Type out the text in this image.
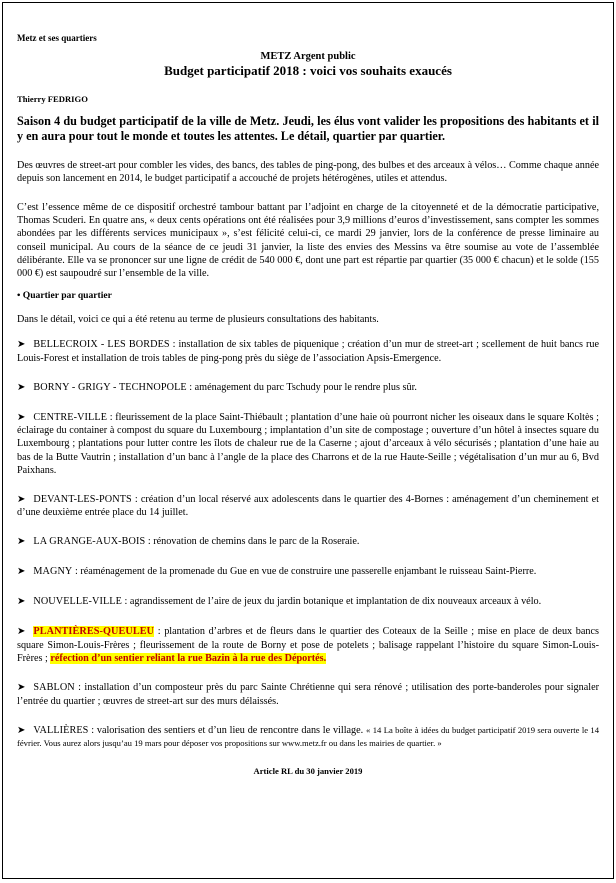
Metz et ses quartiers

METZ Argent public

Budget participatif 2018 : voici vos souhaits exaucés

Thierry FEDRIGO

Saison 4 du budget participatif de la ville de Metz. Jeudi, les élus vont valider les propositions des habitants et il y en aura pour tout le monde et toutes les attentes. Le détail, quartier par quartier.

Des œuvres de street-art pour combler les vides, des bancs, des tables de ping-pong, des bulbes et des arceaux à vélos… Comme chaque année depuis son lancement en 2014, le budget participatif a accouché de projets hétérogènes, utiles et attendus.

C’est l’essence même de ce dispositif orchestré tambour battant par l’adjoint en charge de la citoyenneté et de la démocratie participative, Thomas Scuderi. En quatre ans, « deux cents opérations ont été réalisées pour 3,9 millions d’euros d’investissement, sans compter les sommes abondées par les différents services municipaux », s’est félicité celui-ci, ce mardi 29 janvier, lors de la conférence de presse liminaire au conseil municipal. Au cours de la séance de ce jeudi 31 janvier, la liste des envies des Messins va être soumise au vote de l’assemblée délibérante. Elle va se prononcer sur une ligne de crédit de 540 000 €, dont une part est répartie par quartier (35 000 € chacun) et le solde (155 000 €) est saupoudré sur l’ensemble de la ville.

• Quartier par quartier

Dans le détail, voici ce qui a été retenu au terme de plusieurs consultations des habitants.

➤ BELLECROIX - LES BORDES : installation de six tables de piquenique ; création d’un mur de street-art ; scellement de huit bancs rue Louis-Forest et installation de trois tables de ping-pong près du siège de l’association Apsis-Emergence.

➤ BORNY - GRIGY - TECHNOPOLE : aménagement du parc Tschudy pour le rendre plus sûr.

➤ CENTRE-VILLE : fleurissement de la place Saint-Thiébault ; plantation d’une haie où pourront nicher les oiseaux dans le square Koltès ; éclairage du container à compost du square du Luxembourg ; implantation d’un site de compostage ; ouverture d’un hôtel à insectes square du Luxembourg ; plantations pour lutter contre les îlots de chaleur rue de la Caserne ; ajout d’arceaux à vélo sécurisés ; plantation d’une haie au bas de la Butte Vautrin ; installation d’un banc à l’angle de la place des Charrons et de la rue Haute-Seille ; végétalisation d’un mur au 6, Bvd Paixhans.

➤ DEVANT-LES-PONTS : création d’un local réservé aux adolescents dans le quartier des 4-Bornes : aménagement d’un cheminement et d’une deuxième entrée place du 14 juillet.

➤ LA GRANGE-AUX-BOIS : rénovation de chemins dans le parc de la Roseraie.

➤ MAGNY : réaménagement de la promenade du Gue en vue de construire une passerelle enjambant le ruisseau Saint-Pierre.

➤ NOUVELLE-VILLE : agrandissement de l’aire de jeux du jardin botanique et implantation de dix nouveaux arceaux à vélo.

➤ PLANTIÈRES-QUEULEU : plantation d’arbres et de fleurs dans le quartier des Coteaux de la Seille ; mise en place de deux bancs square Simon-Louis-Frères ; fleurissement de la route de Borny et pose de potelets ; balisage rappelant l’histoire du square Simon-Louis-Frères ; réfection d’un sentier reliant la rue Bazin à la rue des Déportés.

➤ SABLON : installation d’un composteur près du parc Sainte Chrétienne qui sera rénové ; utilisation des porte-banderoles pour signaler l’entrée du quartier ; œuvres de street-art sur des murs délaissés.

➤ VALLIÈRES : valorisation des sentiers et d’un lieu de rencontre dans le village. « 14 La boîte à idées du budget participatif 2019 sera ouverte le 14 février. Vous aurez alors jusqu’au 19 mars pour déposer vos propositions sur www.metz.fr ou dans les mairies de quartier. »

Article RL du 30 janvier 2019
